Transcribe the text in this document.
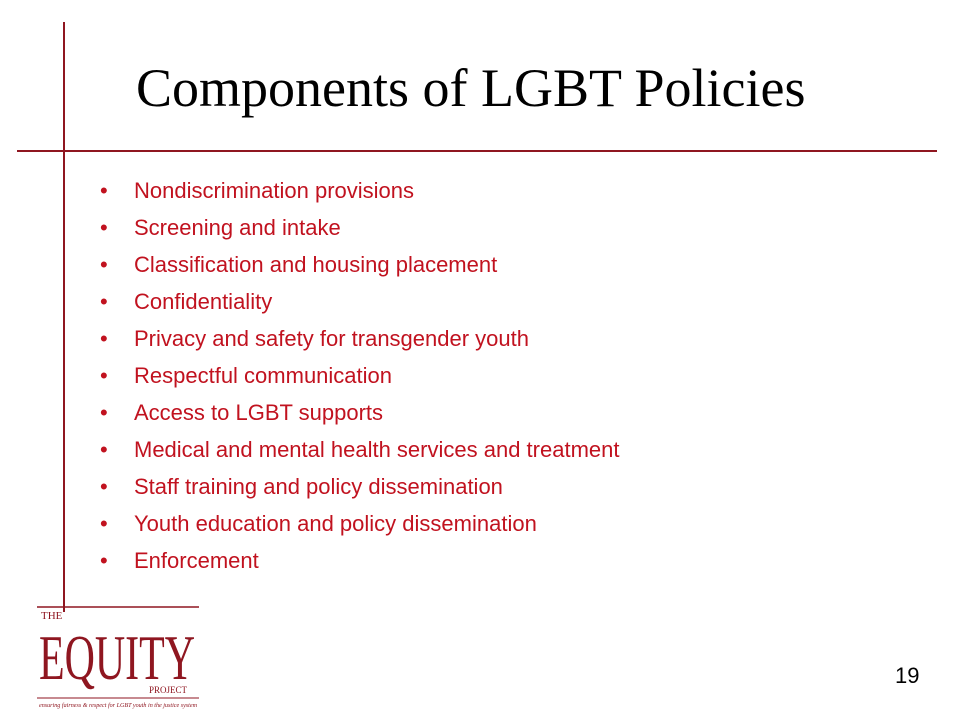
Components of LGBT Policies
• Nondiscrimination provisions
• Screening and intake
• Classification and housing placement
• Confidentiality
• Privacy and safety for transgender youth
• Respectful communication
• Access to LGBT supports
• Medical and mental health services and treatment
• Staff training and policy dissemination
• Youth education and policy dissemination
• Enforcement
THE
EQUITY
PROJECT
ensuring fairness & respect for LGBT youth in the justice system
19
